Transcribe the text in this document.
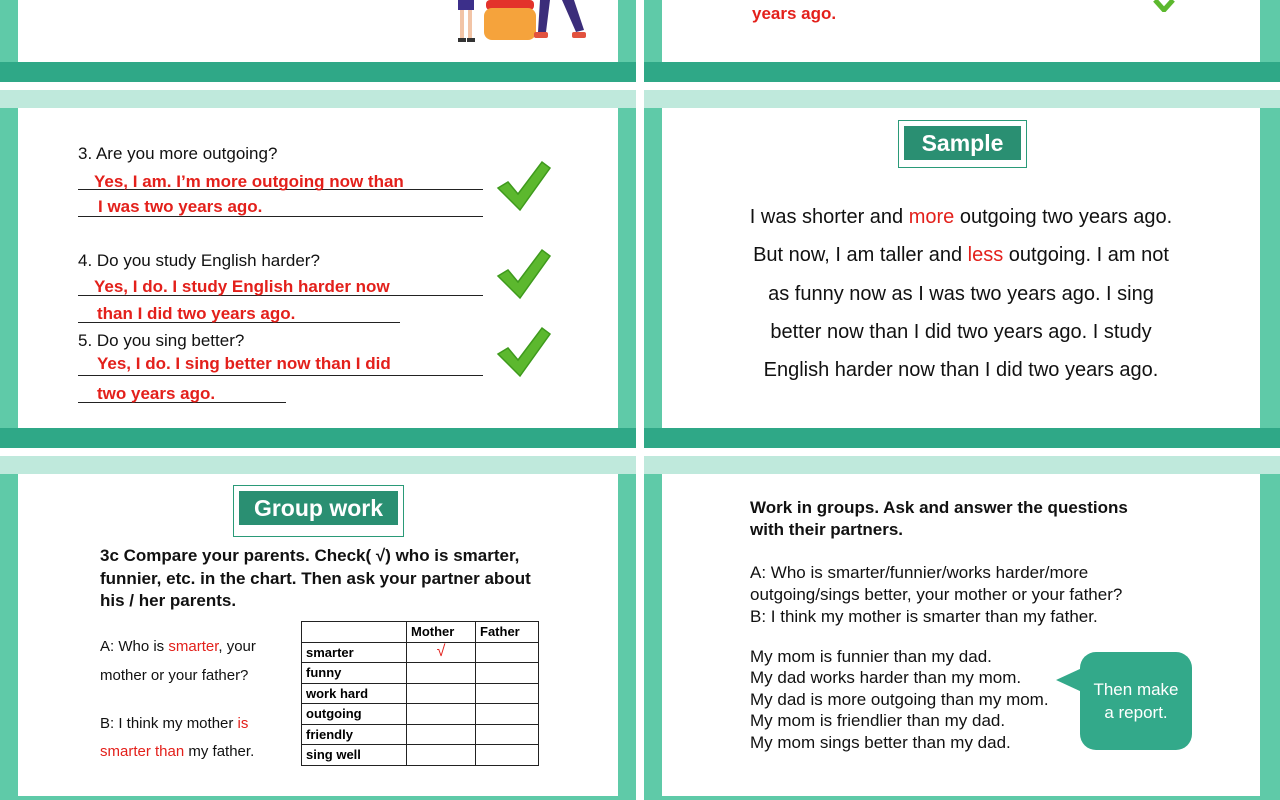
years ago.
3. Are you more outgoing?
Yes, I am. I’m more outgoing now than
I was two years ago.
4. Do you study English harder?
Yes, I do. I study English harder now
than I did two years ago.
5. Do you sing better?
Yes, I do. I sing better now than I did
two years ago.
Sample
I was shorter and more outgoing two years ago.
But now, I am taller and less outgoing. I am not
as funny now as I was two years ago. I sing
better now than I did two years ago. I study
English harder now than I did two years ago.
Group work
3c Compare your parents. Check( √) who is smarter, funnier, etc. in the chart. Then ask your partner about his / her parents.
A: Who is smarter, your
mother or your father?
B: I think my mother is
smarter than my father.
	Mother	Father
smarter	√	
funny		
work hard		
outgoing		
friendly		
sing well		
Work in groups. Ask and answer the questions
with their partners.
A: Who is smarter/funnier/works harder/more
outgoing/sings better, your mother or your father?
B: I think my mother is smarter than my father.
My mom is funnier than my dad.
My dad works harder than my mom.
My dad is more outgoing than my mom.
My mom is friendlier than my dad.
My mom sings better than my dad.
Then make
a report.
